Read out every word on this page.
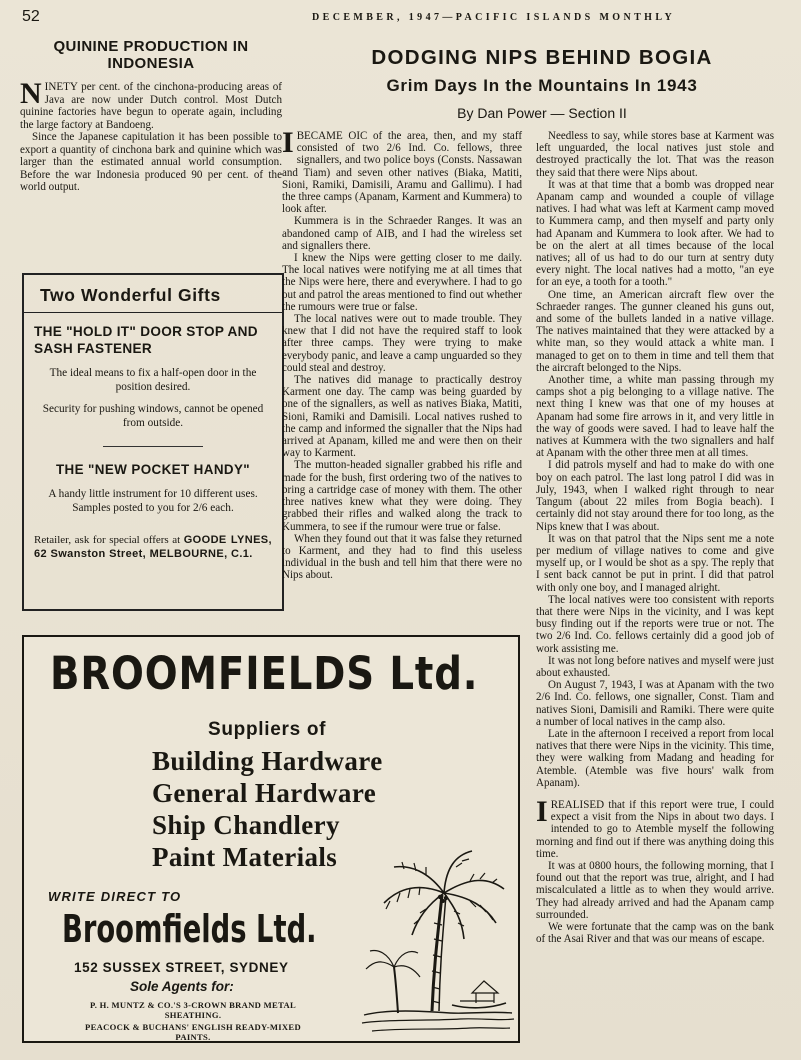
52	DECEMBER, 1947—PACIFIC ISLANDS MONTHLY
QUININE PRODUCTION IN INDONESIA

NINETY per cent. of the cinchona-producing areas of Java are now under Dutch control. Most Dutch quinine factories have begun to operate again, including the large factory at Bandoeng.

Since the Japanese capitulation it has been possible to export a quantity of cinchona bark and quinine which was larger than the estimated annual world consumption. Before the war Indonesia produced 90 per cent. of the world output.

Two Wonderful Gifts
THE "HOLD IT" DOOR STOP AND SASH FASTENER
The ideal means to fix a half-open door in the position desired.
Security for pushing windows, cannot be opened from outside.
THE "NEW POCKET HANDY"
A handy little instrument for 10 different uses. Samples posted to you for 2/6 each.
Retailer, ask for special offers at GOODE LYNES, 62 Swanston Street, MELBOURNE, C.1.
DODGING NIPS BEHIND BOGIA
Grim Days In the Mountains In 1943
By Dan Power — Section II

IBECAME OIC of the area, then, and my staff consisted of two 2/6 Ind. Co. fellows, three signallers, and two police boys (Consts. Nassawan and Tiam) and seven other natives (Biaka, Matiti, Sioni, Ramiki, Damisili, Aramu and Gallimu). I had the three camps (Apanam, Karment and Kummera) to look after.

Kummera is in the Schraeder Ranges. It was an abandoned camp of AIB, and I had the wireless set and signallers there.

I knew the Nips were getting closer to me daily. The local natives were notifying me at all times that the Nips were here, there and everywhere. I had to go out and patrol the areas mentioned to find out whether the rumours were true or false.

The local natives were out to made trouble. They knew that I did not have the required staff to look after three camps. They were trying to make everybody panic, and leave a camp unguarded so they could steal and destroy.

The natives did manage to practically destroy Karment one day. The camp was being guarded by one of the signallers, as well as natives Biaka, Matiti, Sioni, Ramiki and Damisili. Local natives rushed to the camp and informed the signaller that the Nips had arrived at Apanam, killed me and were then on their way to Karment.

The mutton-headed signaller grabbed his rifle and made for the bush, first ordering two of the natives to bring a cartridge case of money with them. The other three natives knew what they were doing. They grabbed their rifles and walked along the track to Kummera, to see if the rumour were true or false.

When they found out that it was false they returned to Karment, and they had to find this useless individual in the bush and tell him that there were no Nips about.

Needless to say, while stores base at Karment was left unguarded, the local natives just stole and destroyed practically the lot. That was the reason they said that there were Nips about.

It was at that time that a bomb was dropped near Apanam camp and wounded a couple of village natives. I had what was left at Karment camp moved to Kummera camp, and then myself and party only had Apanam and Kummera to look after. We had to be on the alert at all times because of the local natives; all of us had to do our turn at sentry duty every night. The local natives had a motto, "an eye for an eye, a tooth for a tooth."

One time, an American aircraft flew over the Schraeder ranges. The gunner cleaned his guns out, and some of the bullets landed in a native village. The natives maintained that they were attacked by a white man, so they would attack a white man. I managed to get on to them in time and tell them that the aircraft belonged to the Nips.

Another time, a white man passing through my camps shot a pig belonging to a village native. The next thing I knew was that one of my houses at Apanam had some fire arrows in it, and very little in the way of goods were saved. I had to leave half the natives at Kummera with the two signallers and half at Apanam with the other three men at all times.

I did patrols myself and had to make do with one boy on each patrol. The last long patrol I did was in July, 1943, when I walked right through to near Tangum (about 22 miles from Bogia beach). I certainly did not stay around there for too long, as the Nips knew that I was about.

It was on that patrol that the Nips sent me a note per medium of village natives to come and give myself up, or I would be shot as a spy. The reply that I sent back cannot be put in print. I did that patrol with only one boy, and I managed alright.

The local natives were too consistent with reports that there were Nips in the vicinity, and I was kept busy finding out if the reports were true or not. The two 2/6 Ind. Co. fellows certainly did a good job of work assisting me.

It was not long before natives and myself were just about exhausted.

On August 7, 1943, I was at Apanam with the two 2/6 Ind. Co. fellows, one signaller, Const. Tiam and natives Sioni, Damisili and Ramiki. There were quite a number of local natives in the camp also.

Late in the afternoon I received a report from local natives that there were Nips in the vicinity. This time, they were walking from Madang and heading for Atemble. (Atemble was five hours' walk from Apanam).

IREALISED that if this report were true, I could expect a visit from the Nips in about two days. I intended to go to Atemble myself the following morning and find out if there was anything doing this time.

It was at 0800 hours, the following morning, that I found out that the report was true, alright, and I had miscalculated a little as to when they would arrive. They had already arrived and had the Apanam camp surrounded.

We were fortunate that the camp was on the bank of the Asai River and that was our means of escape.

BROOMFIELDS Ltd.
Suppliers of
Building Hardware
General Hardware
Ship Chandlery
Paint Materials
WRITE DIRECT TO
Broomfields Ltd.
152 SUSSEX STREET, SYDNEY
Sole Agents for:
P. H. MUNTZ & CO.'S 3-CROWN BRAND METAL SHEATHING.
PEACOCK & BUCHANS' ENGLISH READY-MIXED PAINTS.
